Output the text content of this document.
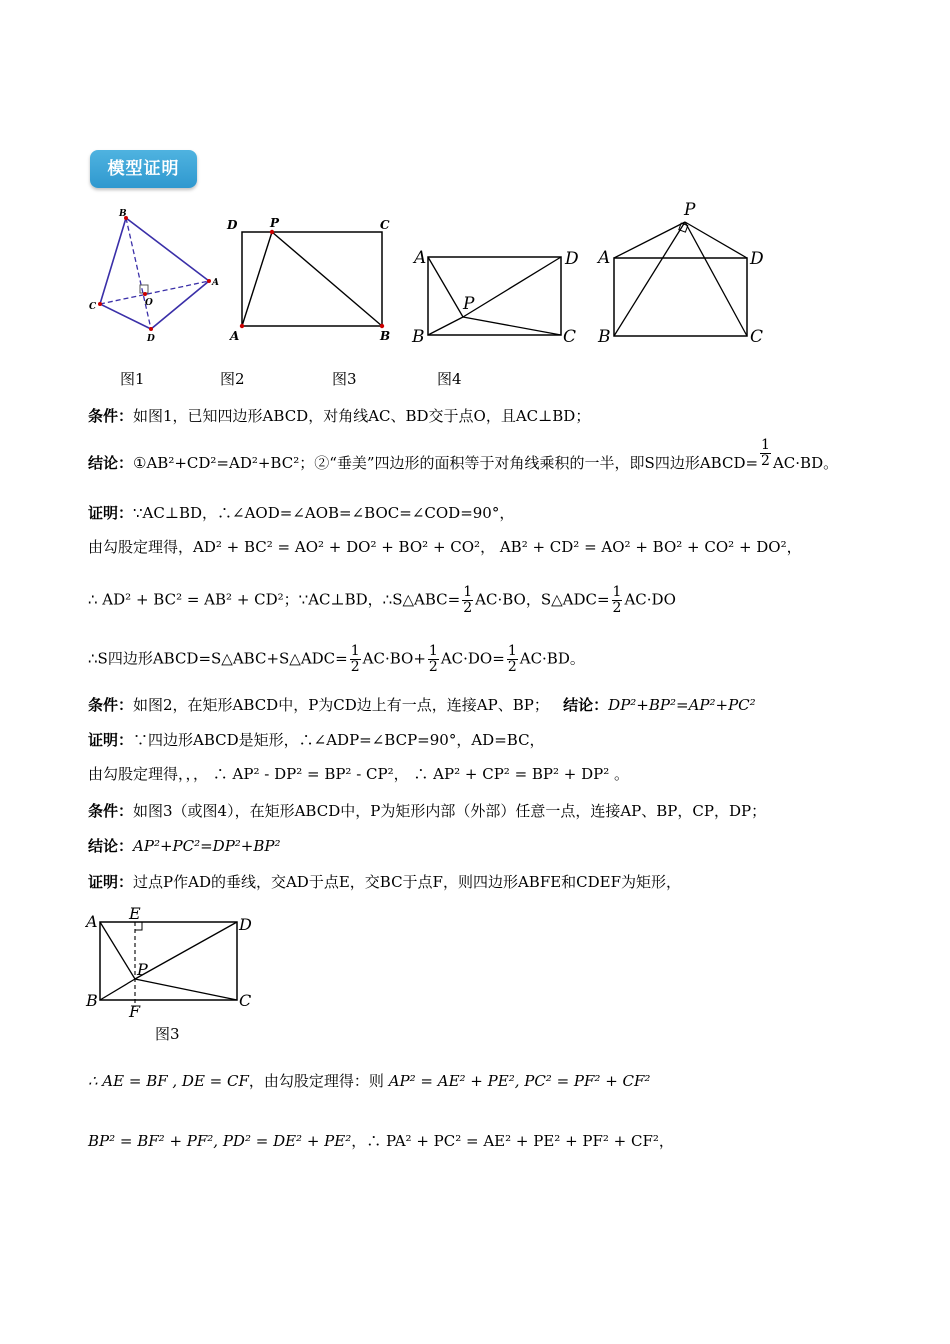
模型证明
B
A
C
D
O
D	P	C
A	B
A	D
P
B	C
P
A	D
B	C
图1	图2	图3	图4
条件：如图1，已知四边形ABCD，对角线AC、BD交于点O，且AC⊥BD；
结论：①AB²+CD²=AD²+BC²；②“垂美”四边形的面积等于对角线乘积的一半，即S四边形ABCD= $\frac{1}{2} AC\cdot BD$。
证明：∵AC⊥BD，∴∠AOD=∠AOB=∠BOC=∠COD=90°，
由勾股定理得，AD² + BC² = AO² + DO² + BO² + CO²， AB² + CD² = AO² + BO² + CO² + DO²，
∴ AD² + BC² = AB² + CD²；∵AC⊥BD，∴S△ABC= $\frac{1}{2} AC\cdot BO$，S△ADC= $\frac{1}{2} AC\cdot DO$
∴S四边形ABCD=S△ABC+S△ADC= $\frac{1}{2} AC\cdot BO+ \frac{1}{2} AC\cdot DO= \frac{1}{2} AC\cdot BD$。
条件：如图2，在矩形ABCD中，P为CD边上有一点，连接AP、BP； 结论：DP²+BP²=AP²+PC²
证明：∵四边形ABCD是矩形，∴∠ADP=∠BCP=90°，AD=BC，
由勾股定理得，，， ∴ AP² - DP² = BP² - CP²， ∴ AP² + CP² = BP² + DP² 。
条件：如图3（或图4），在矩形ABCD中，P为矩形内部（外部）任意一点，连接AP、BP，CP，DP；
结论：AP²+PC²=DP²+BP²
证明：过点P作AD的垂线，交AD于点E，交BC于点F，则四边形ABFE和CDEF为矩形，
A E
D
P
B
F
C
图3
∴ AE = BF , DE = CF，由勾股定理得：则 AP² = AE² + PE², PC² = PF² + CF²
BP² = BF² + PF², PD² = DE² + PE²，∴ PA² + PC² = AE² + PE² + PF² + CF²，
